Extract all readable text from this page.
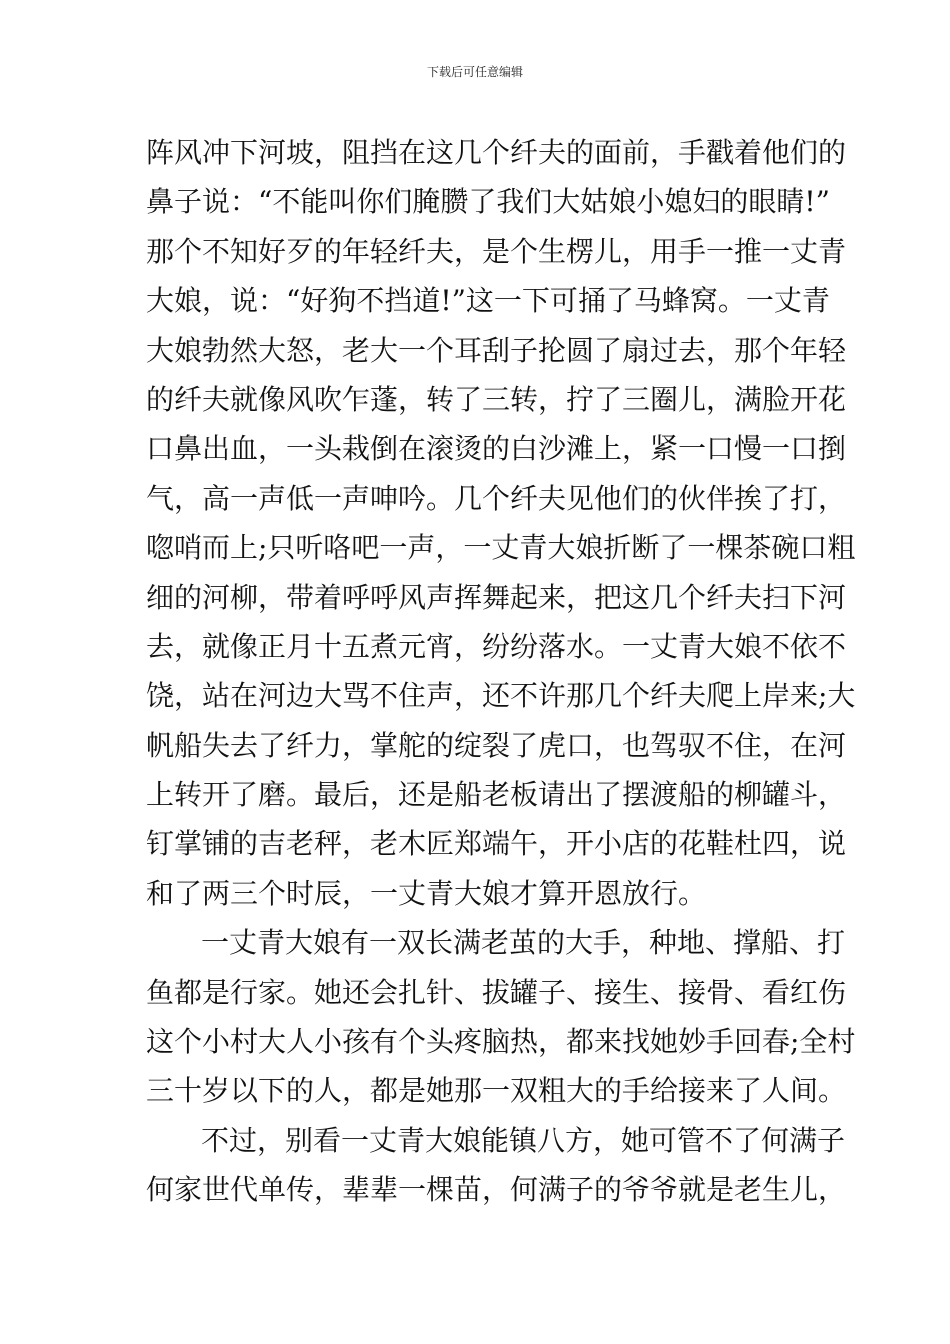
下载后可任意编辑
阵风冲下河坡，阻挡在这几个纤夫的面前，手戳着他们的
鼻子说：“不能叫你们腌臜了我们大姑娘小媳妇的眼睛!”
那个不知好歹的年轻纤夫，是个生楞儿，用手一推一丈青
大娘，说：“好狗不挡道!”这一下可捅了马蜂窝。一丈青
大娘勃然大怒，老大一个耳刮子抡圆了扇过去，那个年轻
的纤夫就像风吹乍蓬，转了三转，拧了三圈儿，满脸开花
口鼻出血，一头栽倒在滚烫的白沙滩上，紧一口慢一口捯
气，高一声低一声呻吟。几个纤夫见他们的伙伴挨了打，
唿哨而上;只听咯吧一声，一丈青大娘折断了一棵茶碗口粗
细的河柳，带着呼呼风声挥舞起来，把这几个纤夫扫下河
去，就像正月十五煮元宵，纷纷落水。一丈青大娘不依不
饶，站在河边大骂不住声，还不许那几个纤夫爬上岸来;大
帆船失去了纤力，掌舵的绽裂了虎口，也驾驭不住，在河
上转开了磨。最后，还是船老板请出了摆渡船的柳罐斗，
钉掌铺的吉老秤，老木匠郑端午，开小店的花鞋杜四，说
和了两三个时辰，一丈青大娘才算开恩放行。
一丈青大娘有一双长满老茧的大手，种地、撑船、打
鱼都是行家。她还会扎针、拔罐子、接生、接骨、看红伤
这个小村大人小孩有个头疼脑热，都来找她妙手回春;全村
三十岁以下的人，都是她那一双粗大的手给接来了人间。
不过，别看一丈青大娘能镇八方，她可管不了何满子
何家世代单传，辈辈一棵苗，何满子的爷爷就是老生儿，
